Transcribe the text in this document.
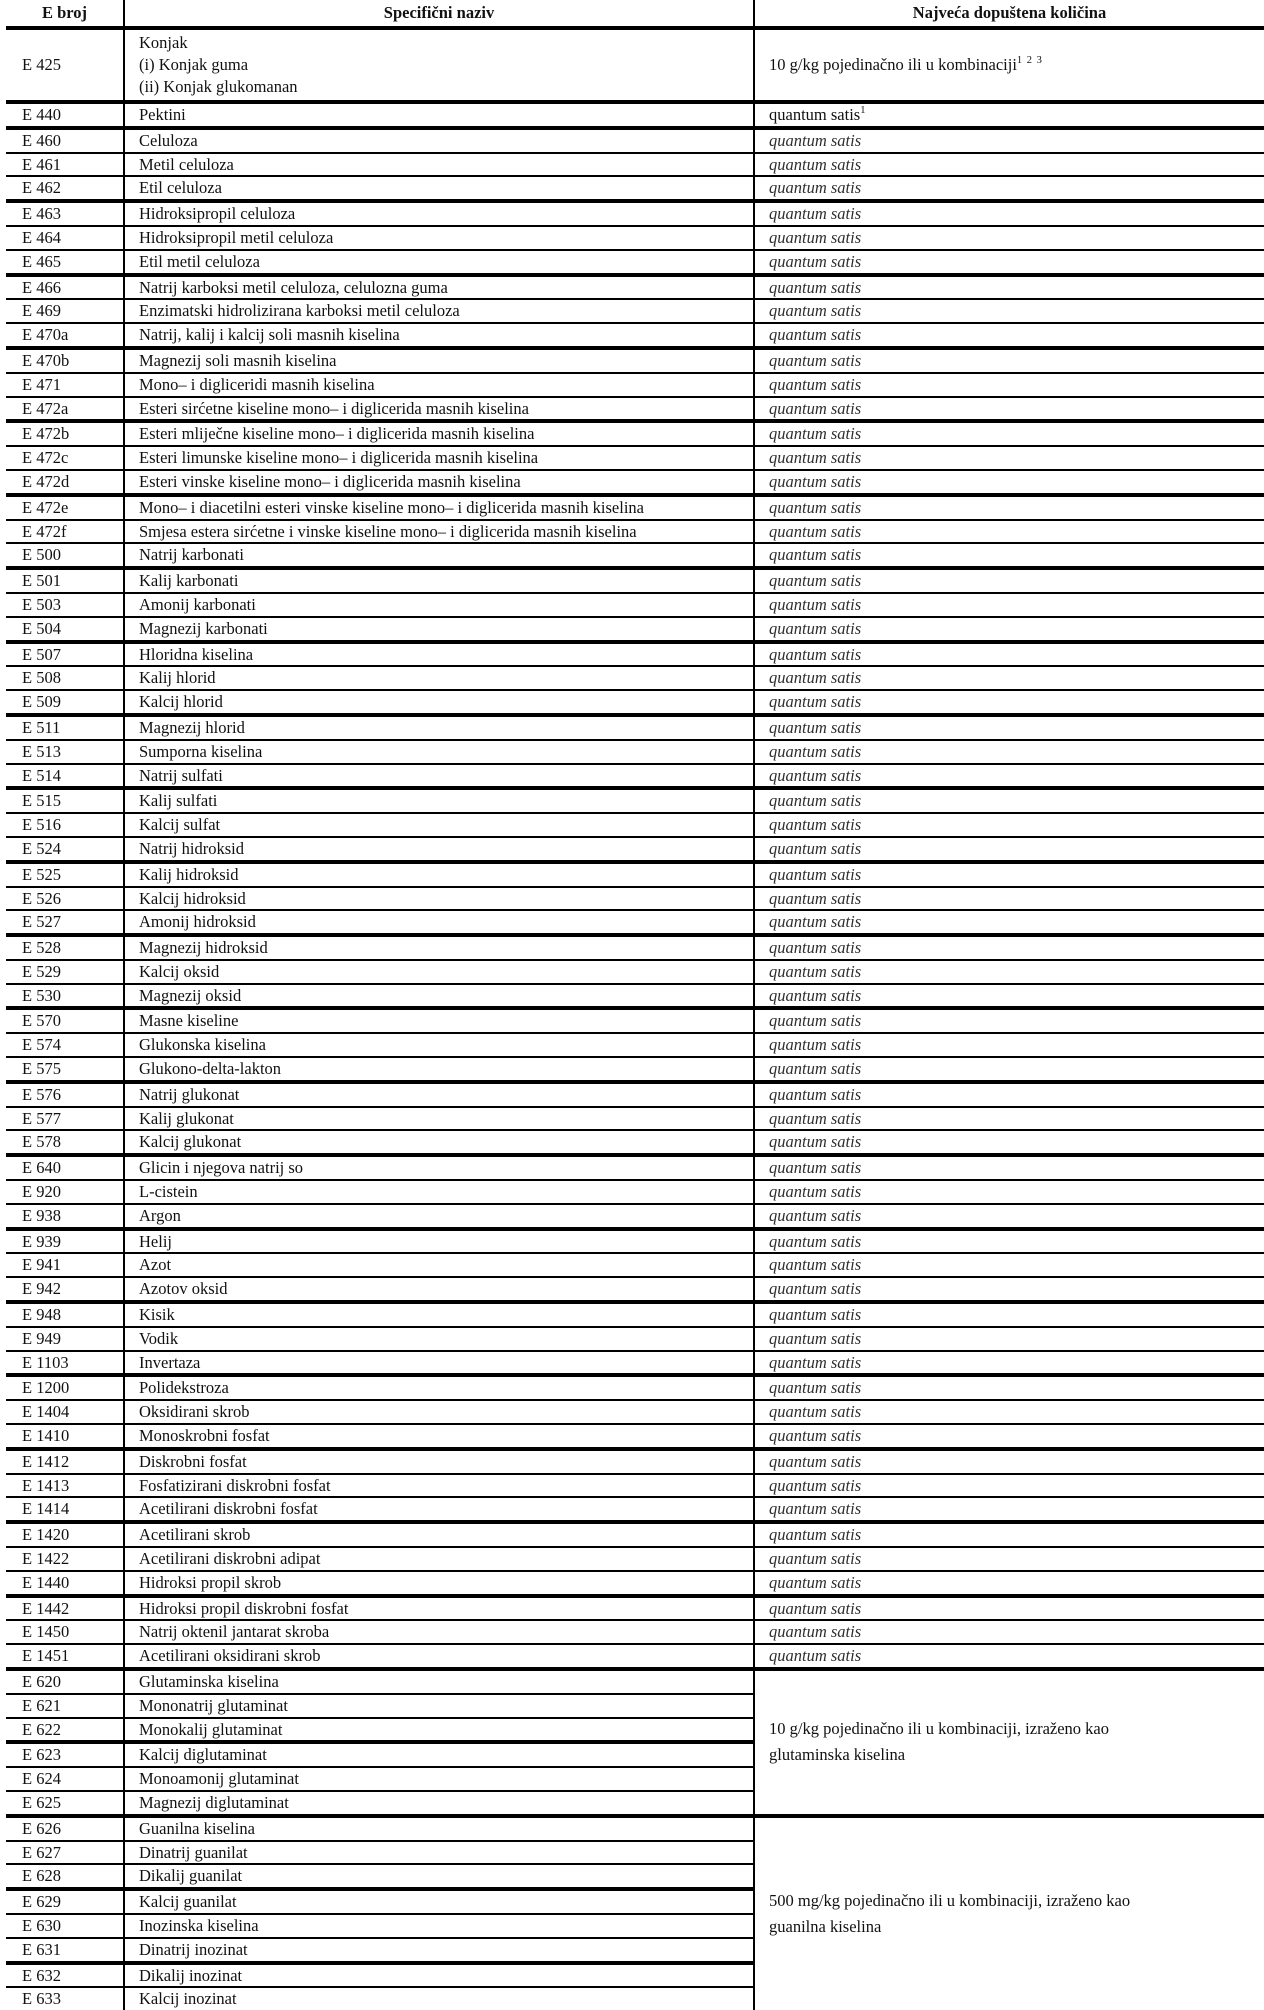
E broj	Specifični naziv	Najveća dopuštena količina
E 425	Konjak
(i) Konjak guma
(ii) Konjak glukomanan	10 g/kg pojedinačno ili u kombinaciji$^{1 2 3}$
E 440	Pektini	quantum satis$^1$
E 460	Celuloza	quantum satis
E 461	Metil celuloza	quantum satis
E 462	Etil celuloza	quantum satis
E 463	Hidroksipropil celuloza	quantum satis
E 464	Hidroksipropil metil celuloza	quantum satis
E 465	Etil metil celuloza	quantum satis
E 466	Natrij karboksi metil celuloza, celulozna guma	quantum satis
E 469	Enzimatski hidrolizirana karboksi metil celuloza	quantum satis
E 470a	Natrij, kalij i kalcij soli masnih kiselina	quantum satis
E 470b	Magnezij soli masnih kiselina	quantum satis
E 471	Mono– i digliceridi masnih kiselina	quantum satis
E 472a	Esteri sirćetne kiseline mono– i diglicerida masnih kiselina	quantum satis
E 472b	Esteri mliječne kiseline mono– i diglicerida masnih kiselina	quantum satis
E 472c	Esteri limunske kiseline mono– i diglicerida masnih kiselina	quantum satis
E 472d	Esteri vinske kiseline mono– i diglicerida masnih kiselina	quantum satis
E 472e	Mono– i diacetilni esteri vinske kiseline mono– i diglicerida masnih kiselina	quantum satis
E 472f	Smjesa estera sirćetne i vinske kiseline mono– i diglicerida masnih kiselina	quantum satis
E 500	Natrij karbonati	quantum satis
E 501	Kalij karbonati	quantum satis
E 503	Amonij karbonati	quantum satis
E 504	Magnezij karbonati	quantum satis
E 507	Hloridna kiselina	quantum satis
E 508	Kalij hlorid	quantum satis
E 509	Kalcij hlorid	quantum satis
E 511	Magnezij hlorid	quantum satis
E 513	Sumporna kiselina	quantum satis
E 514	Natrij sulfati	quantum satis
E 515	Kalij sulfati	quantum satis
E 516	Kalcij sulfat	quantum satis
E 524	Natrij hidroksid	quantum satis
E 525	Kalij hidroksid	quantum satis
E 526	Kalcij hidroksid	quantum satis
E 527	Amonij hidroksid	quantum satis
E 528	Magnezij hidroksid	quantum satis
E 529	Kalcij oksid	quantum satis
E 530	Magnezij oksid	quantum satis
E 570	Masne kiseline	quantum satis
E 574	Glukonska kiselina	quantum satis
E 575	Glukono-delta-lakton	quantum satis
E 576	Natrij glukonat	quantum satis
E 577	Kalij glukonat	quantum satis
E 578	Kalcij glukonat	quantum satis
E 640	Glicin i njegova natrij so	quantum satis
E 920	L-cistein	quantum satis
E 938	Argon	quantum satis
E 939	Helij	quantum satis
E 941	Azot	quantum satis
E 942	Azotov oksid	quantum satis
E 948	Kisik	quantum satis
E 949	Vodik	quantum satis
E 1103	Invertaza	quantum satis
E 1200	Polidekstroza	quantum satis
E 1404	Oksidirani skrob	quantum satis
E 1410	Monoskrobni fosfat	quantum satis
E 1412	Diskrobni fosfat	quantum satis
E 1413	Fosfatizirani diskrobni fosfat	quantum satis
E 1414	Acetilirani diskrobni fosfat	quantum satis
E 1420	Acetilirani skrob	quantum satis
E 1422	Acetilirani diskrobni adipat	quantum satis
E 1440	Hidroksi propil skrob	quantum satis
E 1442	Hidroksi propil diskrobni fosfat	quantum satis
E 1450	Natrij oktenil jantarat skroba	quantum satis
E 1451	Acetilirani oksidirani skrob	quantum satis
E 620	Glutaminska kiselina	10 g/kg pojedinačno ili u kombinaciji, izraženo kao
glutaminska kiselina

E 621	Mononatrij glutaminat	
E 622	Monokalij glutaminat	
E 623	Kalcij diglutaminat	
E 624	Monoamonij glutaminat	
E 625	Magnezij diglutaminat	
E 626	Guanilna kiselina	500 mg/kg pojedinačno ili u kombinaciji, izraženo kao
guanilna kiselina

E 627	Dinatrij guanilat	
E 628	Dikalij guanilat	
E 629	Kalcij guanilat	
E 630	Inozinska kiselina	
E 631	Dinatrij inozinat	
E 632	Dikalij inozinat	
E 633	Kalcij inozinat	
